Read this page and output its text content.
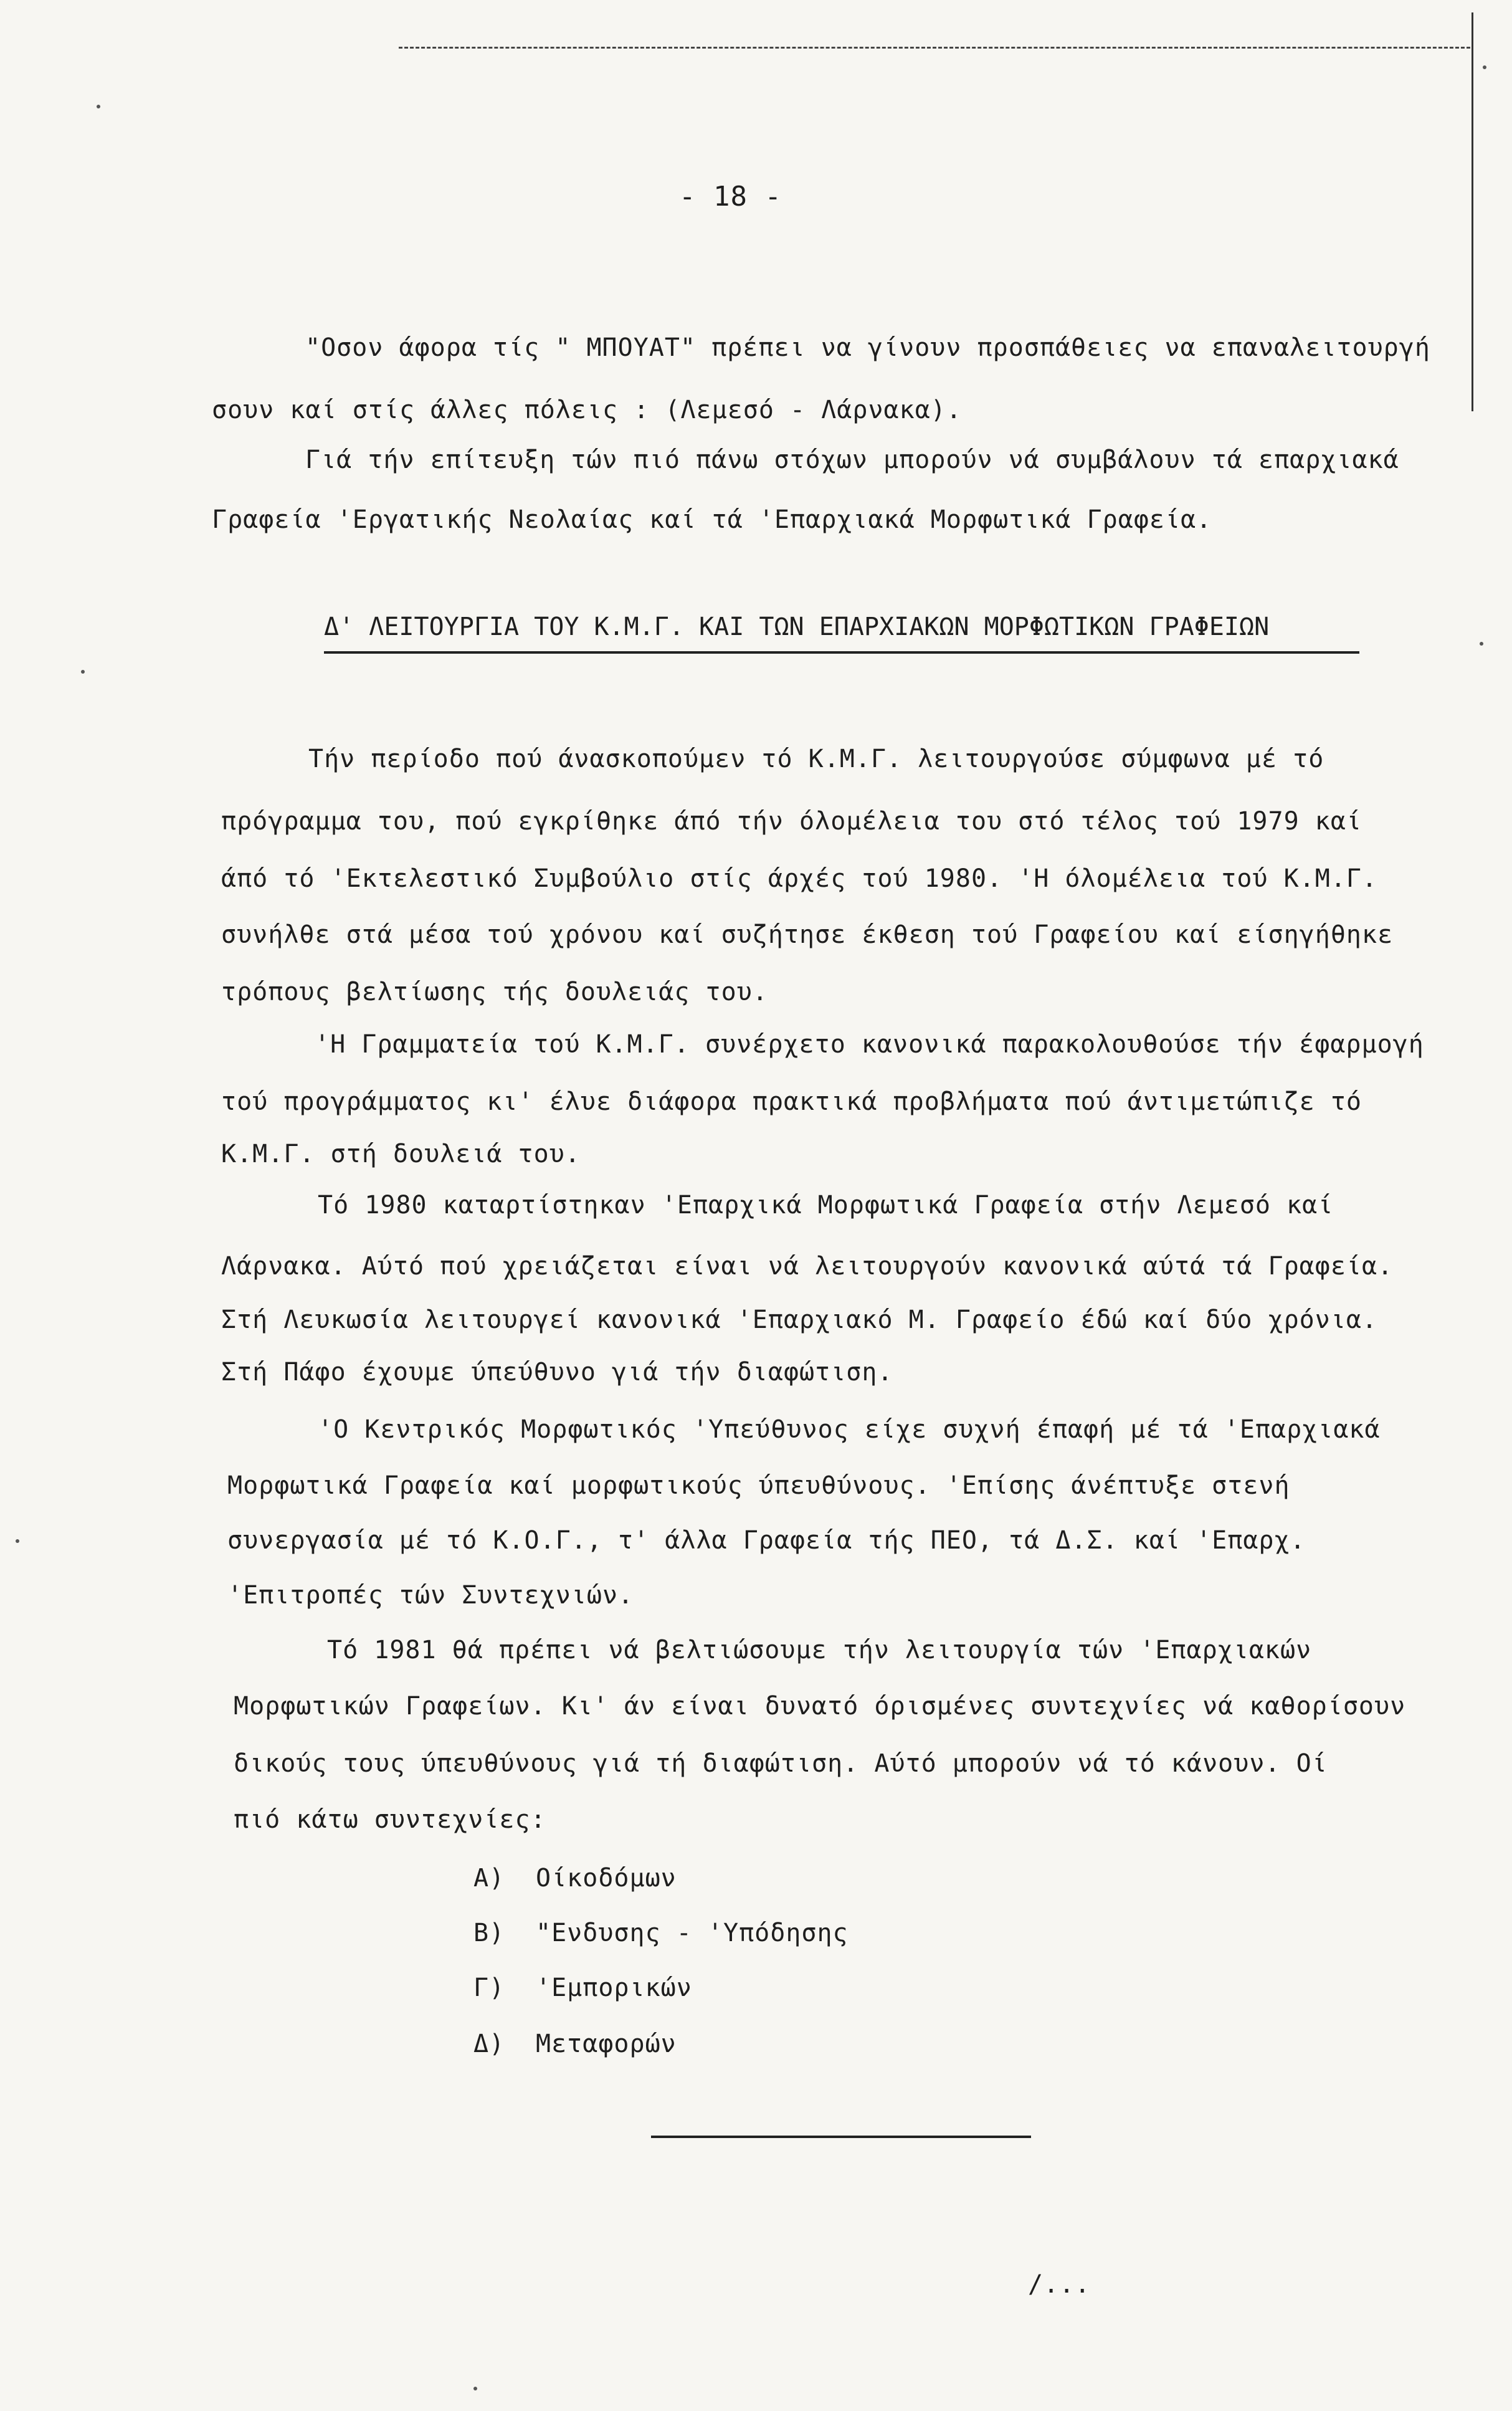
- 18 -
"Οσον άφορα τίς " ΜΠΟΥΑΤ" πρέπει να γίνουν προσπάθειες να επαναλειτουργή
σουν καί στίς άλλες πόλεις : (Λεμεσό - Λάρνακα).
Γιά τήν επίτευξη τών πιό πάνω στόχων μπορούν νά συμβάλουν τά επαρχιακά
Γραφεία 'Εργατικής Νεολαίας καί τά 'Επαρχιακά Μορφωτικά Γραφεία.
Δ' ΛΕΙΤΟΥΡΓΙΑ ΤΟΥ Κ.Μ.Γ. ΚΑΙ ΤΩΝ ΕΠΑΡΧΙΑΚΩΝ ΜΟΡΦΩΤΙΚΩΝ ΓΡΑΦΕΙΩΝ
Τήν περίοδο πού άνασκοπούμεν τό Κ.Μ.Γ. λειτουργούσε σύμφωνα μέ τό
πρόγραμμα του, πού εγκρίθηκε άπό τήν όλομέλεια του στό τέλος τού 1979 καί
άπό τό 'Εκτελεστικό Συμβούλιο στίς άρχές τού 1980. 'Η όλομέλεια τού Κ.Μ.Γ.
συνήλθε στά μέσα τού χρόνου καί συζήτησε έκθεση τού Γραφείου καί είσηγήθηκε
τρόπους βελτίωσης τής δουλειάς του.
'Η Γραμματεία τού Κ.Μ.Γ. συνέρχετο κανονικά παρακολουθούσε τήν έφαρμογή
τού προγράμματος κι' έλυε διάφορα πρακτικά προβλήματα πού άντιμετώπιζε τό
Κ.Μ.Γ. στή δουλειά του.
Τό 1980 καταρτίστηκαν 'Επαρχικά Μορφωτικά Γραφεία στήν Λεμεσό καί
Λάρνακα. Αύτό πού χρειάζεται είναι νά λειτουργούν κανονικά αύτά τά Γραφεία.
Στή Λευκωσία λειτουργεί κανονικά 'Επαρχιακό Μ. Γραφείο έδώ καί δύο χρόνια.
Στή Πάφο έχουμε ύπεύθυνο γιά τήν διαφώτιση.
'Ο Κεντρικός Μορφωτικός 'Υπεύθυνος είχε συχνή έπαφή μέ τά 'Επαρχιακά
Μορφωτικά Γραφεία καί μορφωτικούς ύπευθύνους. 'Επίσης άνέπτυξε στενή
συνεργασία μέ τό Κ.Ο.Γ., τ' άλλα Γραφεία τής ΠΕΟ, τά Δ.Σ. καί 'Επαρχ.
'Επιτροπές τών Συντεχνιών.
Τό 1981 θά πρέπει νά βελτιώσουμε τήν λειτουργία τών 'Επαρχιακών
Μορφωτικών Γραφείων. Κι' άν είναι δυνατό όρισμένες συντεχνίες νά καθορίσουν
δικούς τους ύπευθύνους γιά τή διαφώτιση. Αύτό μπορούν νά τό κάνουν. Οί
πιό κάτω συντεχνίες:
Α) Οίκοδόμων
Β) "Ενδυσης - 'Υπόδησης
Γ) 'Εμπορικών
Δ) Μεταφορών
/...
